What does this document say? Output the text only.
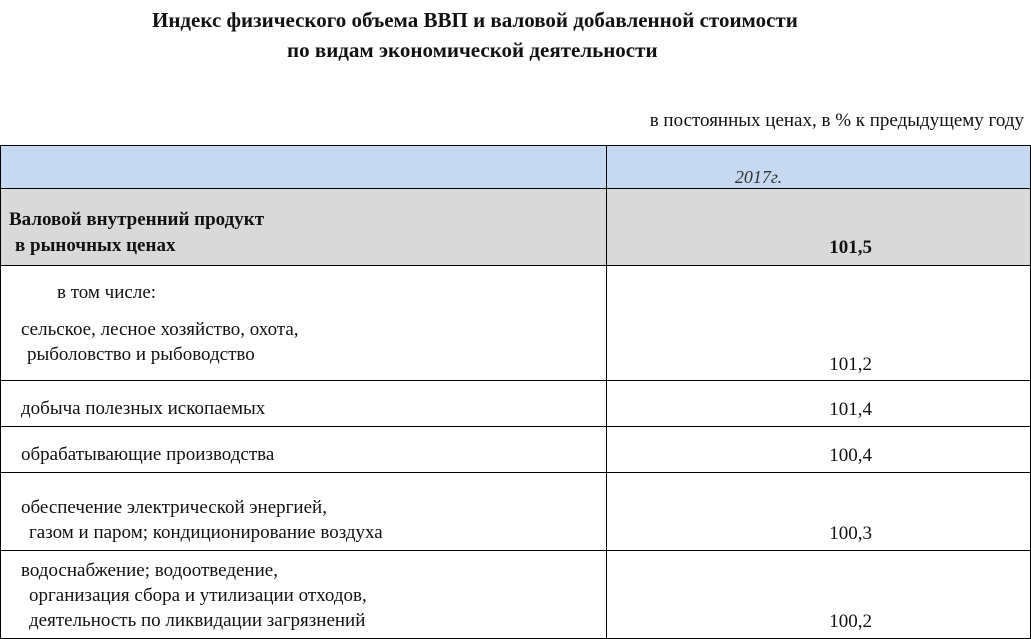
Индекс физического объема ВВП и валовой добавленной стоимости
по видам экономической деятельности
в постоянных ценах, в % к предыдущему году
	2017г.

Валовой внутренний продукт
в рыночных ценах	101,5

в том числе:
сельское, лесное хозяйство, охота,
рыболовство и рыбоводство	101,2

добыча полезных ископаемых	101,4

обрабатывающие производства	100,4

обеспечение электрической энергией,
газом и паром; кондиционирование воздуха	100,3

водоснабжение; водоотведение,
организация сбора и утилизации отходов,
деятельность по ликвидации загрязнений	100,2
